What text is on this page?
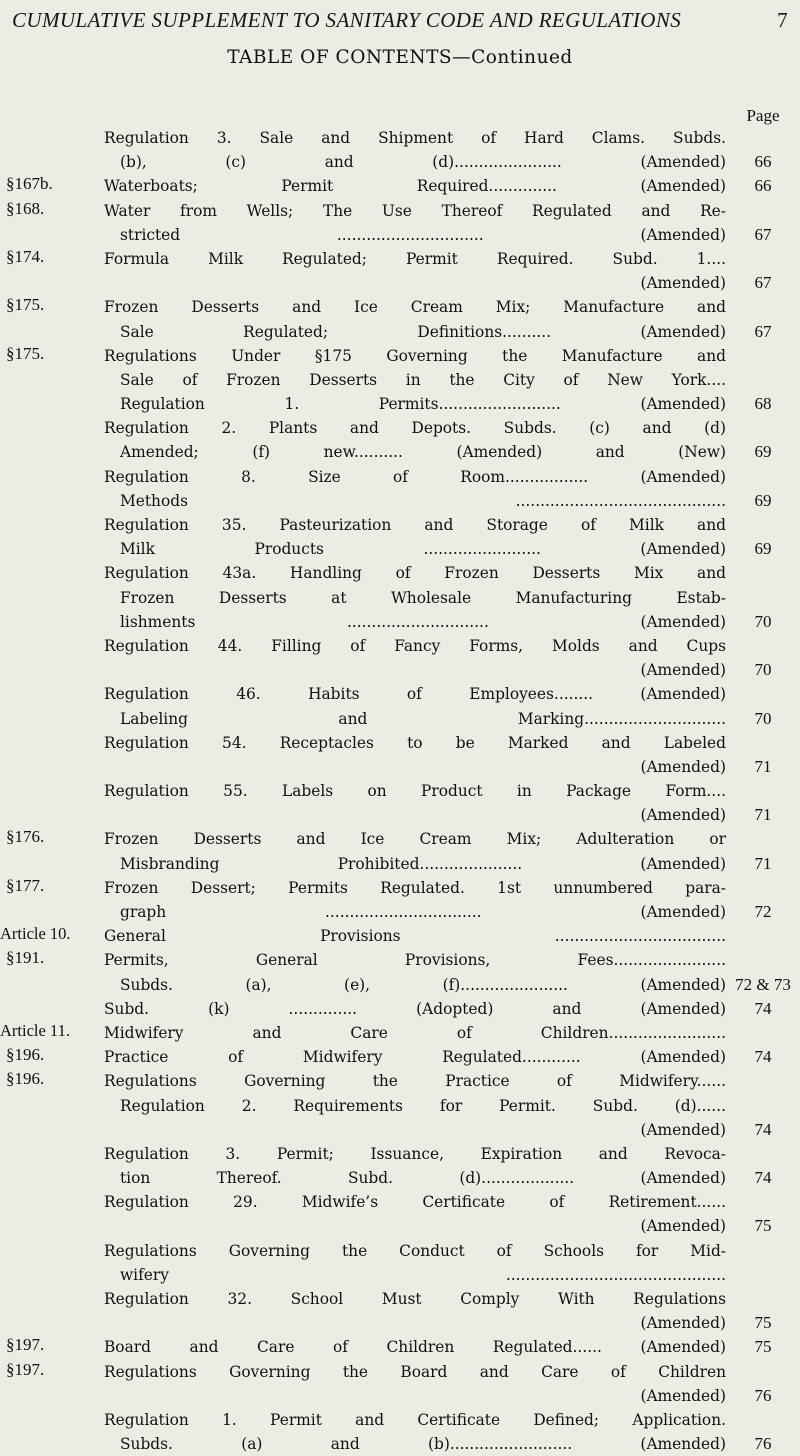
CUMULATIVE SUPPLEMENT TO SANITARY CODE AND REGULATIONS	7
TABLE OF CONTENTS—Continued
Page
Regulation 3. Sale and Shipment of Hard Clams. Subds.
(b), (c) and (d)...................... (Amended)	66
§167b.	Waterboats; Permit Required.............. (Amended)	66
§168.	Water from Wells; The Use Thereof Regulated and Re-
stricted .............................. (Amended)	67
§174.	Formula Milk Regulated; Permit Required. Subd. 1....
(Amended)	67
§175.	Frozen Desserts and Ice Cream Mix; Manufacture and
Sale Regulated; Definitions.......... (Amended)	67
§175.	Regulations Under §175 Governing the Manufacture and
Sale of Frozen Desserts in the City of New York....
Regulation 1. Permits......................... (Amended)	68
Regulation 2. Plants and Depots. Subds. (c) and (d)
Amended; (f) new.......... (Amended) and (New)	69
Regulation 8. Size of Room................. (Amended)
Methods ...........................................	69
Regulation 35. Pasteurization and Storage of Milk and
Milk Products ........................ (Amended)	69
Regulation 43a. Handling of Frozen Desserts Mix and
Frozen Desserts at Wholesale Manufacturing Estab-
lishments ............................. (Amended)	70
Regulation 44. Filling of Fancy Forms, Molds and Cups
(Amended)	70
Regulation 46. Habits of Employees........ (Amended)
Labeling and Marking.............................	70
Regulation 54. Receptacles to be Marked and Labeled
(Amended)	71
Regulation 55. Labels on Product in Package Form....
(Amended)	71
§176.	Frozen Desserts and Ice Cream Mix; Adulteration or
Misbranding Prohibited..................... (Amended)	71
§177.	Frozen Dessert; Permits Regulated. 1st unnumbered para-
graph ................................ (Amended)	72
Article 10. General Provisions ...................................
§191.	Permits, General Provisions, Fees.......................
Subds. (a), (e), (f)...................... (Amended) 72 & 73
Subd. (k) .............. (Adopted) and (Amended)	74
Article 11. Midwifery and Care of Children........................
§196.	Practice of Midwifery Regulated............ (Amended)	74
§196.	Regulations Governing the Practice of Midwifery......
Regulation 2. Requirements for Permit. Subd. (d)......
(Amended)	74
Regulation 3. Permit; Issuance, Expiration and Revoca-
tion Thereof. Subd. (d)................... (Amended)	74
Regulation 29. Midwife’s Certificate of Retirement......
(Amended)	75
Regulations Governing the Conduct of Schools for Mid-
wifery .............................................
Regulation 32. School Must Comply With Regulations
(Amended)	75
§197.	Board and Care of Children Regulated...... (Amended)	75
§197.	Regulations Governing the Board and Care of Children
(Amended)	76
Regulation 1. Permit and Certificate Defined; Application.
Subds. (a) and (b)......................... (Amended)	76
